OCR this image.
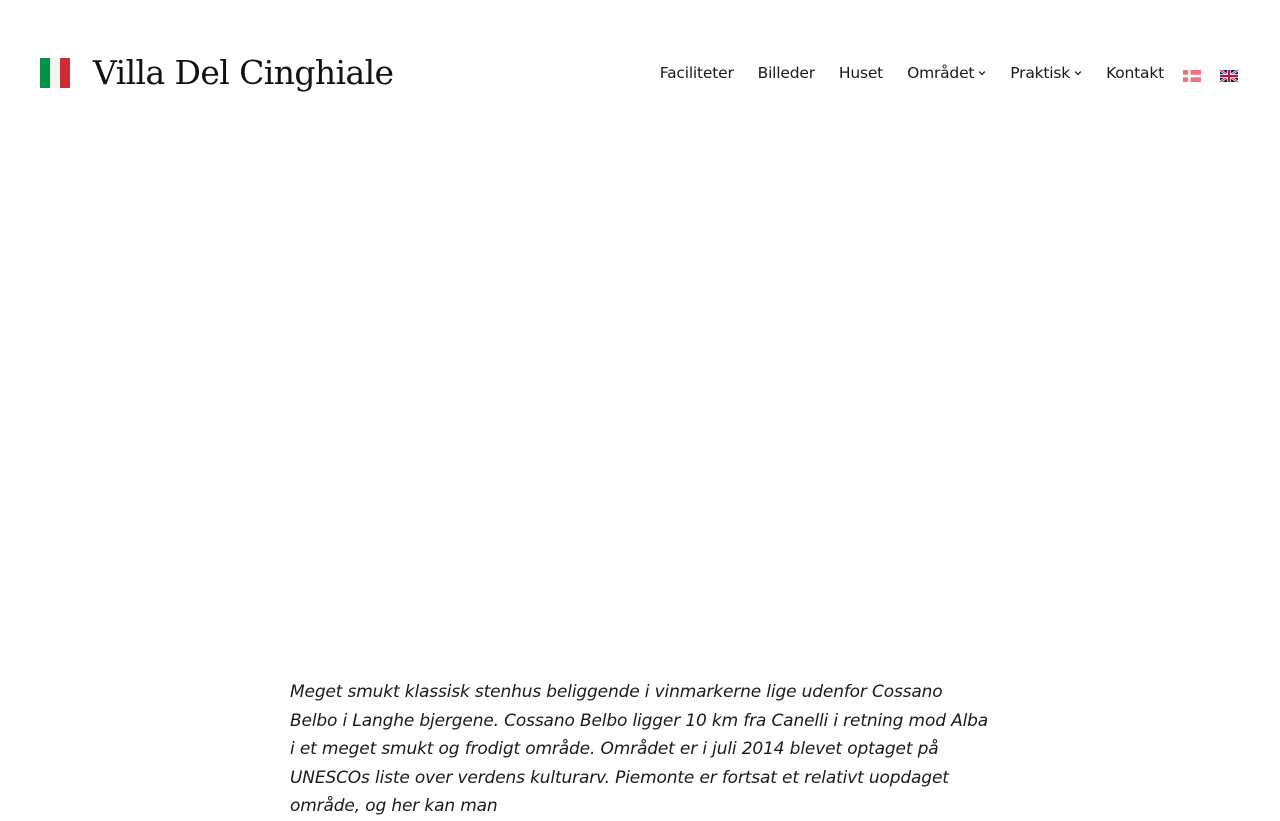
Villa Del Cinghiale	Faciliteter Billeder Huset Området Praktisk Kontakt

Meget smukt klassisk stenhus beliggende i vinmarkerne lige udenfor Cossano Belbo i Langhe bjergene. Cossano Belbo ligger 10 km fra Canelli i retning mod Alba i et meget smukt og frodigt område. Området er i juli 2014 blevet optaget på UNESCOs liste over verdens kulturarv. Piemonte er fortsat et relativt uopdaget område, og her kan man
